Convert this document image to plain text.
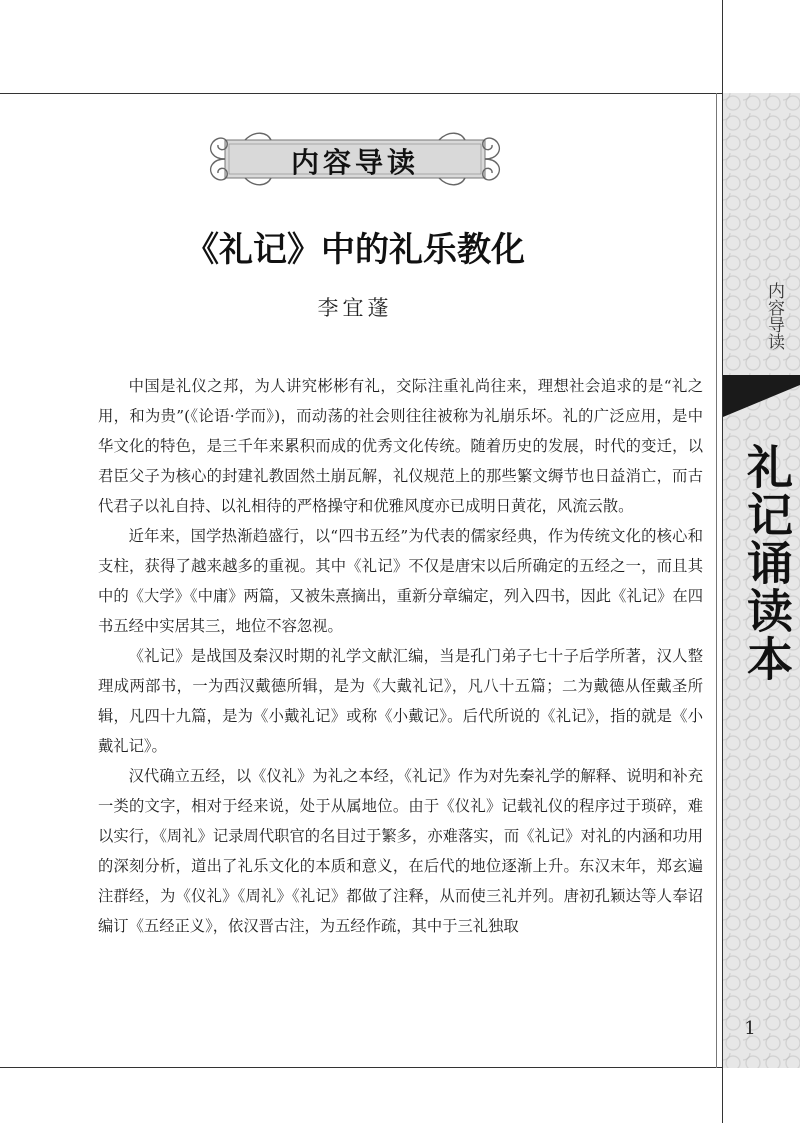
内容导读
《礼记》中的礼乐教化
李宜蓬

中国是礼仪之邦，为人讲究彬彬有礼，交际注重礼尚往来，理想社会追求的是“礼之用，和为贵”(《论语·学而》)，而动荡的社会则往往被称为礼崩乐坏。礼的广泛应用，是中华文化的特色，是三千年来累积而成的优秀文化传统。随着历史的发展，时代的变迁，以君臣父子为核心的封建礼教固然土崩瓦解，礼仪规范上的那些繁文缛节也日益消亡，而古代君子以礼自持、以礼相待的严格操守和优雅风度亦已成明日黄花，风流云散。

近年来，国学热渐趋盛行，以“四书五经”为代表的儒家经典，作为传统文化的核心和支柱，获得了越来越多的重视。其中《礼记》不仅是唐宋以后所确定的五经之一，而且其中的《大学》《中庸》两篇，又被朱熹摘出，重新分章编定，列入四书，因此《礼记》在四书五经中实居其三，地位不容忽视。

《礼记》是战国及秦汉时期的礼学文献汇编，当是孔门弟子七十子后学所著，汉人整理成两部书，一为西汉戴德所辑，是为《大戴礼记》，凡八十五篇；二为戴德从侄戴圣所辑，凡四十九篇，是为《小戴礼记》或称《小戴记》。后代所说的《礼记》，指的就是《小戴礼记》。

汉代确立五经，以《仪礼》为礼之本经，《礼记》作为对先秦礼学的解释、说明和补充一类的文字，相对于经来说，处于从属地位。由于《仪礼》记载礼仪的程序过于琐碎，难以实行，《周礼》记录周代职官的名目过于繁多，亦难落实，而《礼记》对礼的内涵和功用的深刻分析，道出了礼乐文化的本质和意义，在后代的地位逐渐上升。东汉末年，郑玄遍注群经，为《仪礼》《周礼》《礼记》都做了注释，从而使三礼并列。唐初孔颖达等人奉诏编订《五经正义》，依汉晋古注，为五经作疏，其中于三礼独取

内容导读
礼记诵读本
1
